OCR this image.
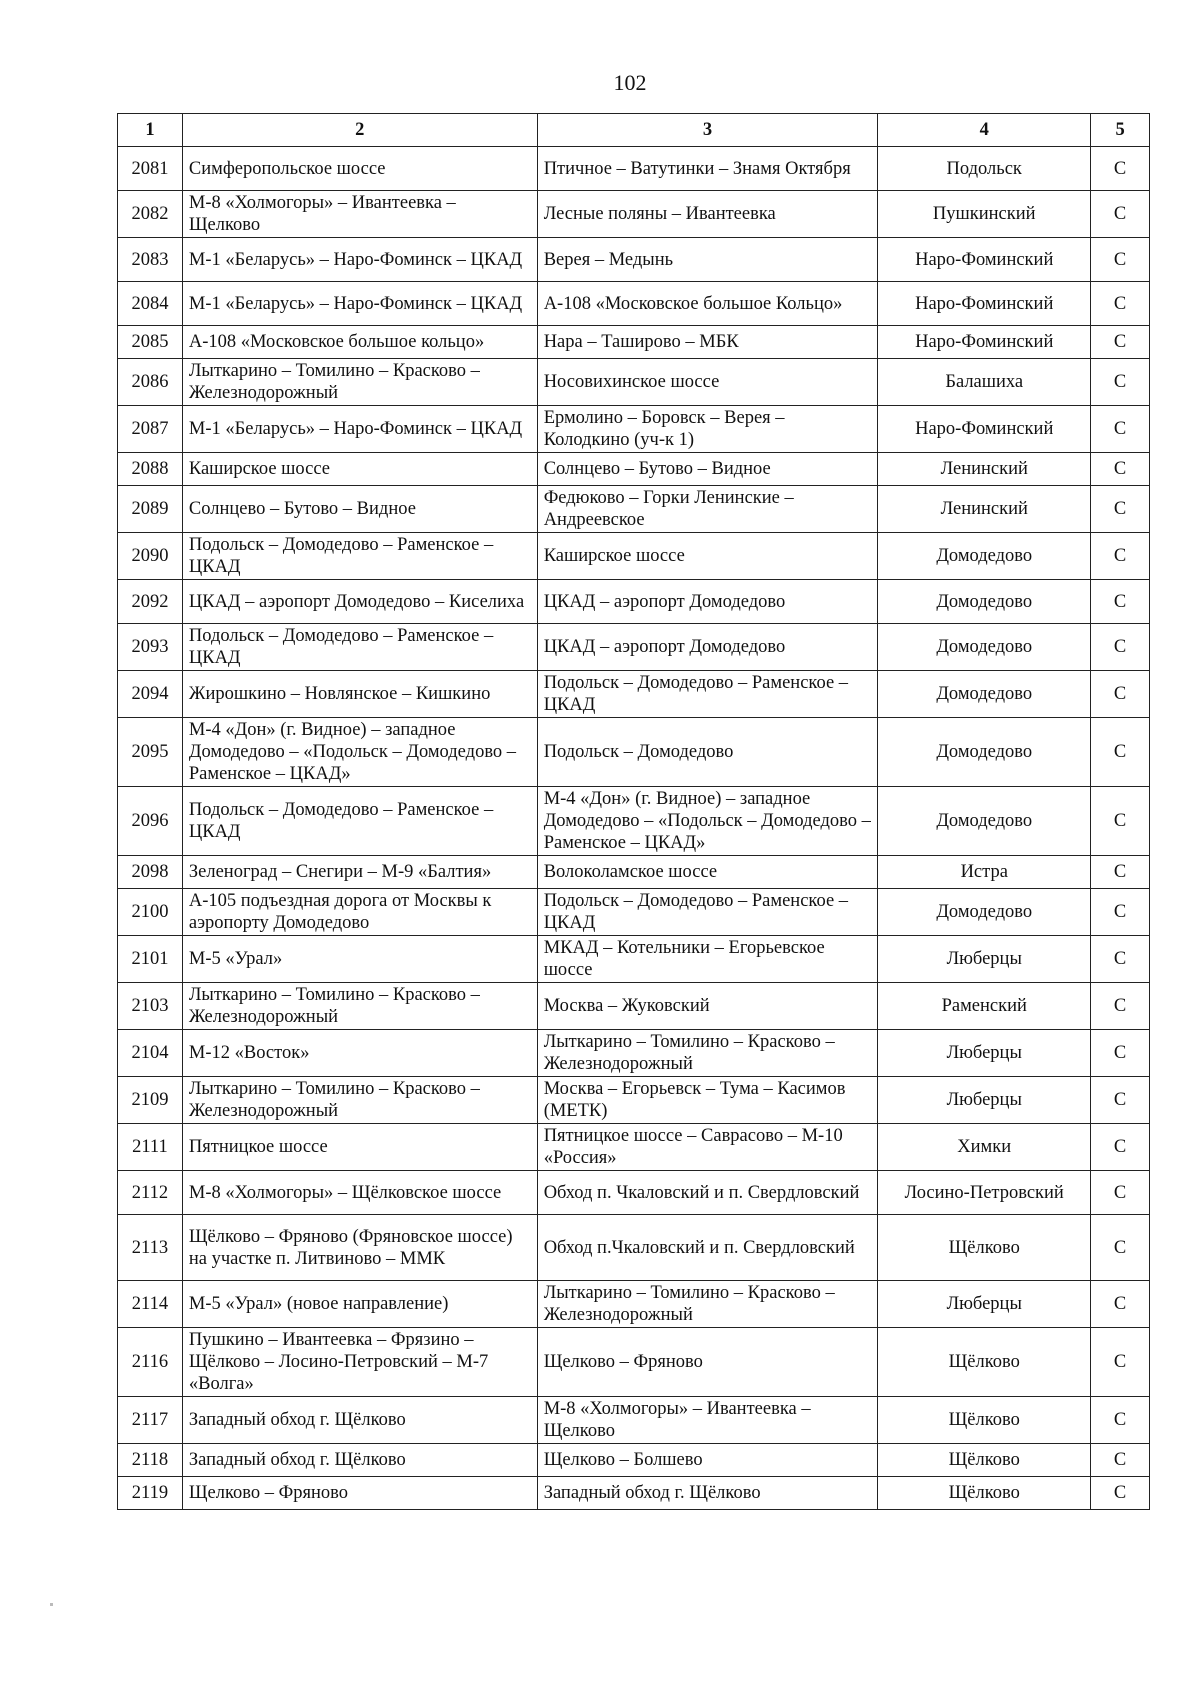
102
1	2	3	4	5
2081	Симферопольское шоссе	Птичное – Ватутинки – Знамя Октября	Подольск	С
2082	М-8 «Холмогоры» – Ивантеевка – Щелково	Лесные поляны – Ивантеевка	Пушкинский	С
2083	М-1 «Беларусь» – Наро-Фоминск – ЦКАД	Верея – Медынь	Наро-Фоминский	С
2084	М-1 «Беларусь» – Наро-Фоминск – ЦКАД	А-108 «Московское большое Кольцо»	Наро-Фоминский	С
2085	А-108 «Московское большое кольцо»	Нара – Таширово – МБК	Наро-Фоминский	С
2086	Лыткарино – Томилино – Красково – Железнодорожный	Носовихинское шоссе	Балашиха	С
2087	М-1 «Беларусь» – Наро-Фоминск – ЦКАД	Ермолино – Боровск – Верея – Колодкино (уч-к 1)	Наро-Фоминский	С
2088	Каширское шоссе	Солнцево – Бутово – Видное	Ленинский	С
2089	Солнцево – Бутово – Видное	Федюково – Горки Ленинские – Андреевское	Ленинский	С
2090	Подольск – Домодедово – Раменское – ЦКАД	Каширское шоссе	Домодедово	С
2092	ЦКАД – аэропорт Домодедово – Киселиха	ЦКАД – аэропорт Домодедово	Домодедово	С
2093	Подольск – Домодедово – Раменское – ЦКАД	ЦКАД – аэропорт Домодедово	Домодедово	С
2094	Жирошкино – Новлянское – Кишкино	Подольск – Домодедово – Раменское – ЦКАД	Домодедово	С
2095	М-4 «Дон» (г. Видное) – западное Домодедово – «Подольск – Домодедово – Раменское – ЦКАД»	Подольск – Домодедово	Домодедово	С
2096	Подольск – Домодедово – Раменское – ЦКАД	М-4 «Дон» (г. Видное) – западное Домодедово – «Подольск – Домодедово – Раменское – ЦКАД»	Домодедово	С
2098	Зеленоград – Снегири – М-9 «Балтия»	Волоколамское шоссе	Истра	С
2100	А-105 подъездная дорога от Москвы к аэропорту Домодедово	Подольск – Домодедово – Раменское – ЦКАД	Домодедово	С
2101	М-5 «Урал»	МКАД – Котельники – Егорьевское шоссе	Люберцы	С
2103	Лыткарино – Томилино – Красково – Железнодорожный	Москва – Жуковский	Раменский	С
2104	М-12 «Восток»	Лыткарино – Томилино – Красково – Железнодорожный	Люберцы	С
2109	Лыткарино – Томилино – Красково – Железнодорожный	Москва – Егорьевск – Тума – Касимов (МЕТК)	Люберцы	С
2111	Пятницкое шоссе	Пятницкое шоссе – Саврасово – М-10 «Россия»	Химки	С
2112	М-8 «Холмогоры» – Щёлковское шоссе	Обход п. Чкаловский и п. Свердловский	Лосино-Петровский	С
2113	Щёлково – Фряново (Фряновское шоссе) на участке п. Литвиново – ММК	Обход п.Чкаловский и п. Свердловский	Щёлково	С
2114	М-5 «Урал» (новое направление)	Лыткарино – Томилино – Красково – Железнодорожный	Люберцы	С
2116	Пушкино – Ивантеевка – Фрязино – Щёлково – Лосино-Петровский – М-7 «Волга»	Щелково – Фряново	Щёлково	С
2117	Западный обход г. Щёлково	М-8 «Холмогоры» – Ивантеевка – Щелково	Щёлково	С
2118	Западный обход г. Щёлково	Щелково – Болшево	Щёлково	С
2119	Щелково – Фряново	Западный обход г. Щёлково	Щёлково	С
